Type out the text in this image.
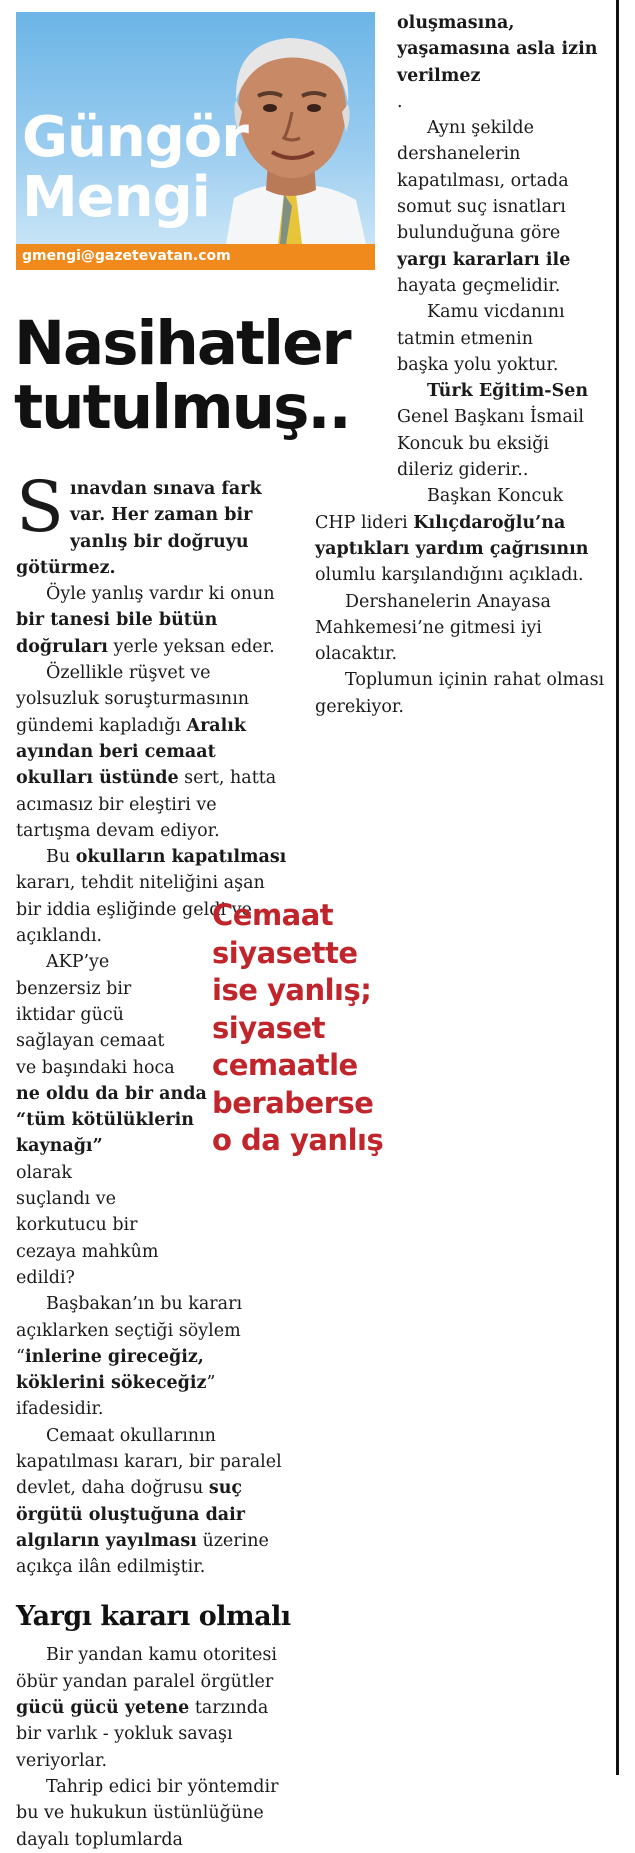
Güngör
Mengi
gmengi@gazetevatan.com
Nasihatler
tutulmuş..

Sınavdan sınava fark var. Her zaman bir yanlış bir doğruyu götürmez.

Öyle yanlış vardır ki onun bir tanesi bile bütün doğruları yerle yeksan eder.

Özellikle rüşvet ve yolsuzluk soruşturmasının gündemi kapladığı Aralık ayından beri cemaat okulları üstünde sert, hatta acımasız bir eleştiri ve tartışma devam ediyor.

Bu okulların kapatılması kararı, tehdit niteliğini aşan bir iddia eşliğinde geldi ve açıklandı.

AKP’ye
benzersiz bir
iktidar gücü
sağlayan cemaat
ve başındaki hoca
ne oldu da bir anda
“tüm kötülüklerin
kaynağı”
olarak
suçlandı ve
korkutucu bir
cezaya mahkûm
edildi?

Başbakan’ın bu kararı açıklarken seçtiği söylem “inlerine gireceğiz, köklerini sökeceğiz” ifadesidir.

Cemaat okullarının kapatılması kararı, bir paralel devlet, daha doğrusu suç örgütü oluştuğuna dair algıların yayılması üzerine açıkça ilân edilmiştir.

Yargı kararı olmalı

Bir yandan kamu otoritesi öbür yandan paralel örgütler gücü gücü yetene tarzında bir varlık - yokluk savaşı veriyorlar.

Tahrip edici bir yöntemdir bu ve hukukun üstünlüğüne dayalı toplumlarda

Cemaat
siyasette
ise yanlış;
siyaset
cemaatle
beraberse
o da yanlış
oluşmasına,
yaşamasına asla izin
verilmez
.
Aynı şekilde
dershanelerin
kapatılması, ortada
somut suç isnatları
bulunduğuna göre
yargı kararları ile
hayata geçmelidir.
Kamu vicdanını
tatmin etmenin
başka yolu yoktur.
Türk Eğitim-Sen
Genel Başkanı İsmail
Koncuk bu eksiği
dileriz giderir..
Başkan Koncuk

CHP lideri Kılıçdaroğlu’na yaptıkları yardım çağrısının olumlu karşılandığını açıkladı.

Dershanelerin Anayasa Mahkemesi’ne gitmesi iyi olacaktır.

Toplumun içinin rahat olması gerekiyor.
